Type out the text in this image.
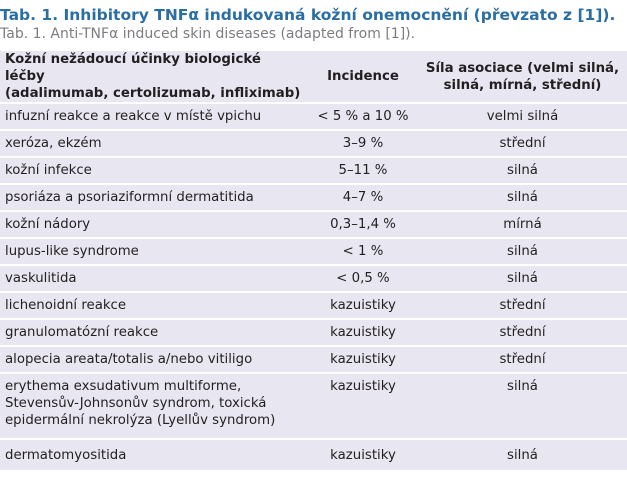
Tab. 1. Inhibitory TNFα indukovaná kožní onemocnění (převzato z [1]).
Tab. 1. Anti-TNFα induced skin diseases (adapted from [1]).
Kožní nežádoucí účinky biologické léčby
(adalimumab, certolizumab, infliximab)	Incidence	Síla asociace (velmi silná,
silná, mírná, střední)
infuzní reakce a reakce v místě vpichu	< 5 % a 10 %	velmi silná
xeróza, ekzém	3–9 %	střední
kožní infekce	5–11 %	silná
psoriáza a psoriaziformní dermatitida	4–7 %	silná
kožní nádory	0,3–1,4 %	mírná
lupus-like syndrome	< 1 %	silná
vaskulitida	< 0,5 %	silná
lichenoidní reakce	kazuistiky	střední
granulomatózní reakce	kazuistiky	střední
alopecia areata/totalis a/nebo vitiligo	kazuistiky	střední
erythema exsudativum multiforme,
Stevensův-Johnsonův syndrom, toxická
epidermální nekrolýza (Lyellův syndrom)	kazuistiky	silná
dermatomyositida	kazuistiky	silná
